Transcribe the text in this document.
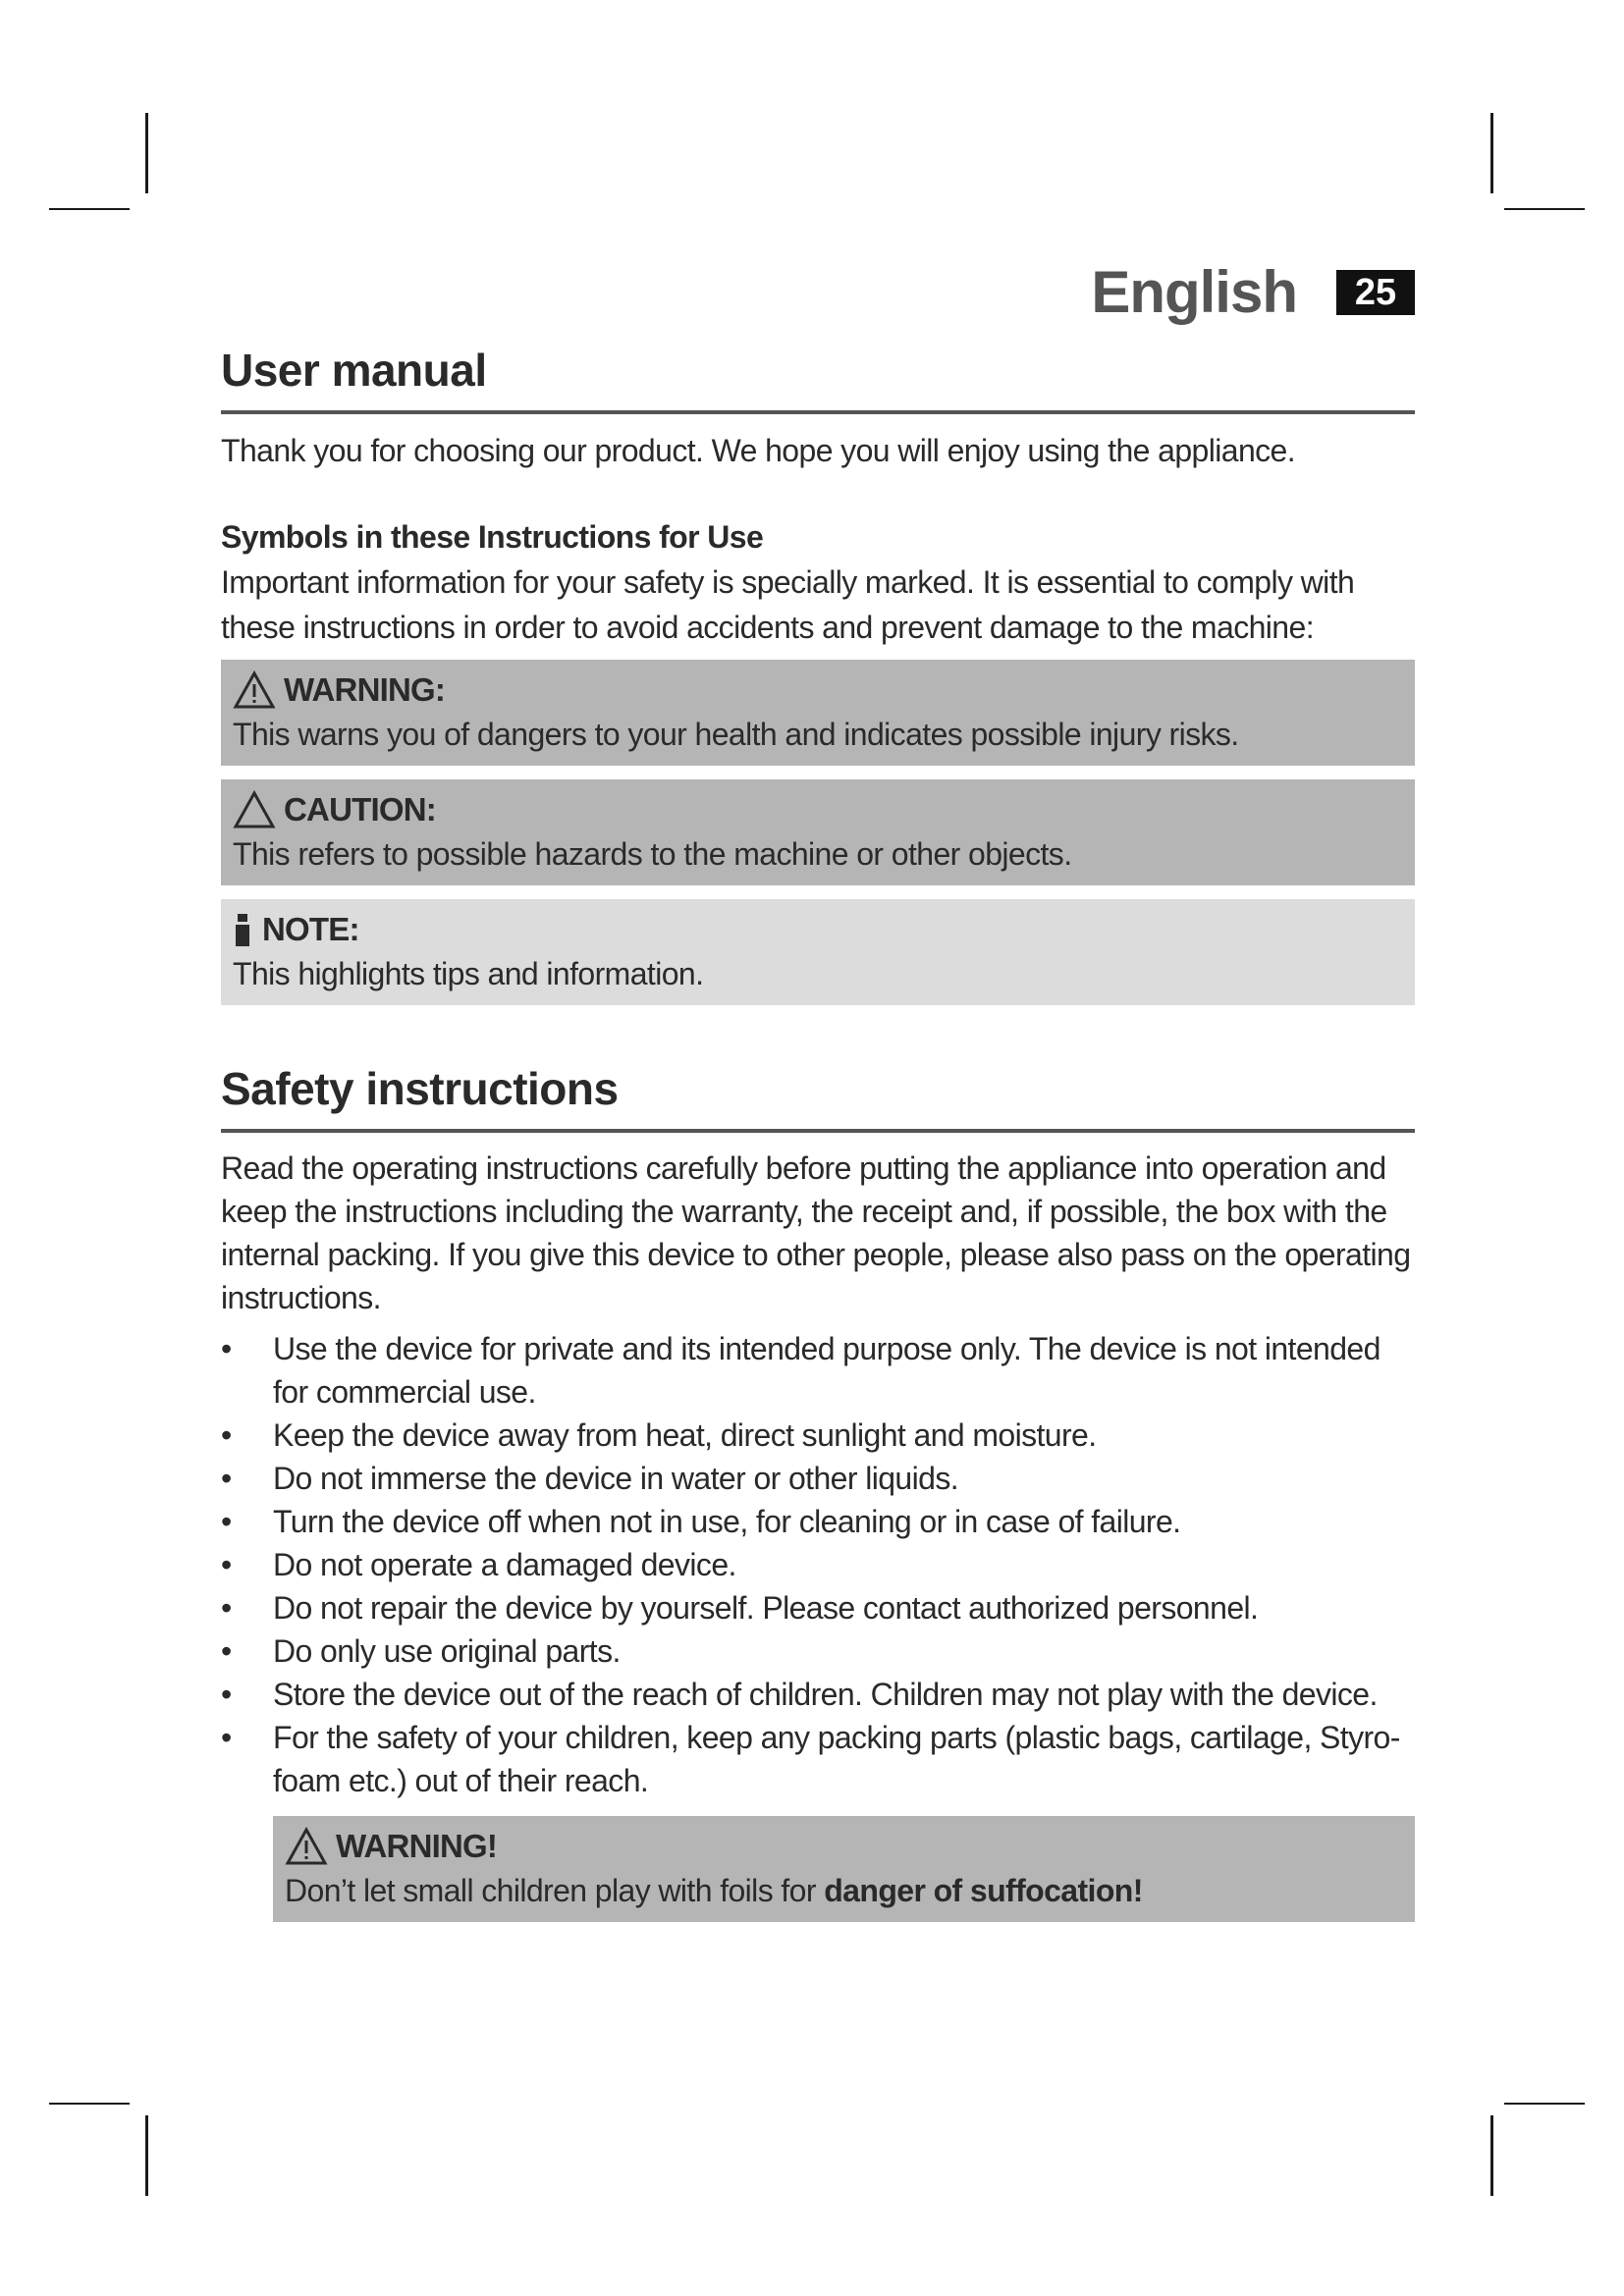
English	25
User manual

Thank you for choosing our product. We hope you will enjoy using the appliance.

Symbols in these Instructions for Use

Important information for your safety is specially marked. It is essential to comply with these instructions in order to avoid accidents and prevent damage to the machine:

WARNING:

This warns you of dangers to your health and indicates possible injury risks.

CAUTION:

This refers to possible hazards to the machine or other objects.

NOTE:

This highlights tips and information.

Safety instructions

Read the operating instructions carefully before putting the appliance into operation and keep the instructions including the warranty, the receipt and, if possible, the box with the internal packing. If you give this device to other people, please also pass on the operating instructions.

• Use the device for private and its intended purpose only. The device is not intended for commercial use.
• Keep the device away from heat, direct sunlight and moisture.
• Do not immerse the device in water or other liquids.
• Turn the device off when not in use, for cleaning or in case of failure.
• Do not operate a damaged device.
• Do not repair the device by yourself. Please contact authorized personnel.
• Do only use original parts.
• Store the device out of the reach of children. Children may not play with the device.
• For the safety of your children, keep any packing parts (plastic bags, cartilage, Styro-foam etc.) out of their reach.
WARNING!

Don’t let small children play with foils for danger of suffocation!
